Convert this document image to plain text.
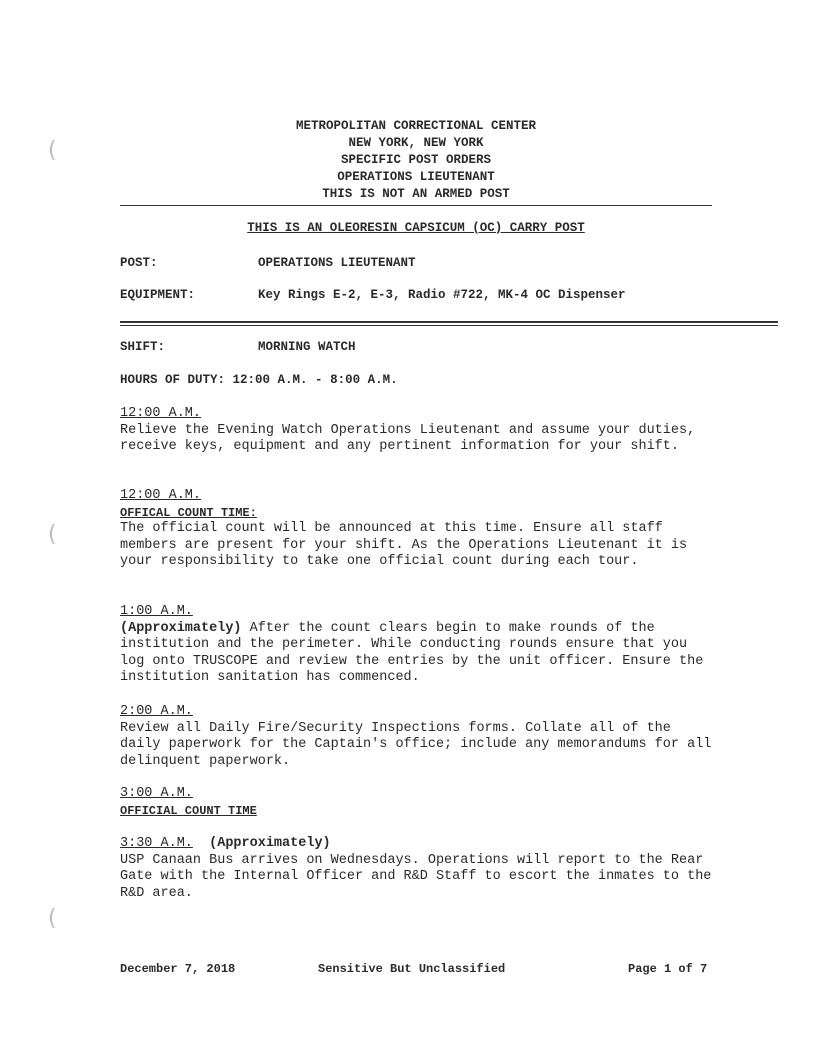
(
(
(
METROPOLITAN CORRECTIONAL CENTER
NEW YORK, NEW YORK
SPECIFIC POST ORDERS
OPERATIONS LIEUTENANT
THIS IS NOT AN ARMED POST
THIS IS AN OLEORESIN CAPSICUM (OC) CARRY POST
POST:	OPERATIONS LIEUTENANT
EQUIPMENT:	Key Rings E-2, E-3, Radio #722, MK-4 OC Dispenser
SHIFT:	MORNING WATCH
HOURS OF DUTY: 12:00 A.M. - 8:00 A.M.
12:00 A.M.
Relieve the Evening Watch Operations Lieutenant and assume your duties, receive keys, equipment and any pertinent information for your shift.
12:00 A.M.
OFFICAL COUNT TIME:
The official count will be announced at this time. Ensure all staff members are present for your shift. As the Operations Lieutenant it is your responsibility to take one official count during each tour.
1:00 A.M.
(Approximately) After the count clears begin to make rounds of the institution and the perimeter. While conducting rounds ensure that you log onto TRUSCOPE and review the entries by the unit officer. Ensure the institution sanitation has commenced.
2:00 A.M.
Review all Daily Fire/Security Inspections forms. Collate all of the daily paperwork for the Captain's office; include any memorandums for all delinquent paperwork.
3:00 A.M.
OFFICIAL COUNT TIME
3:30 A.M. (Approximately)
USP Canaan Bus arrives on Wednesdays. Operations will report to the Rear Gate with the Internal Officer and R&D Staff to escort the inmates to the R&D area.
December 7, 2018	Sensitive But Unclassified	Page 1 of 7
